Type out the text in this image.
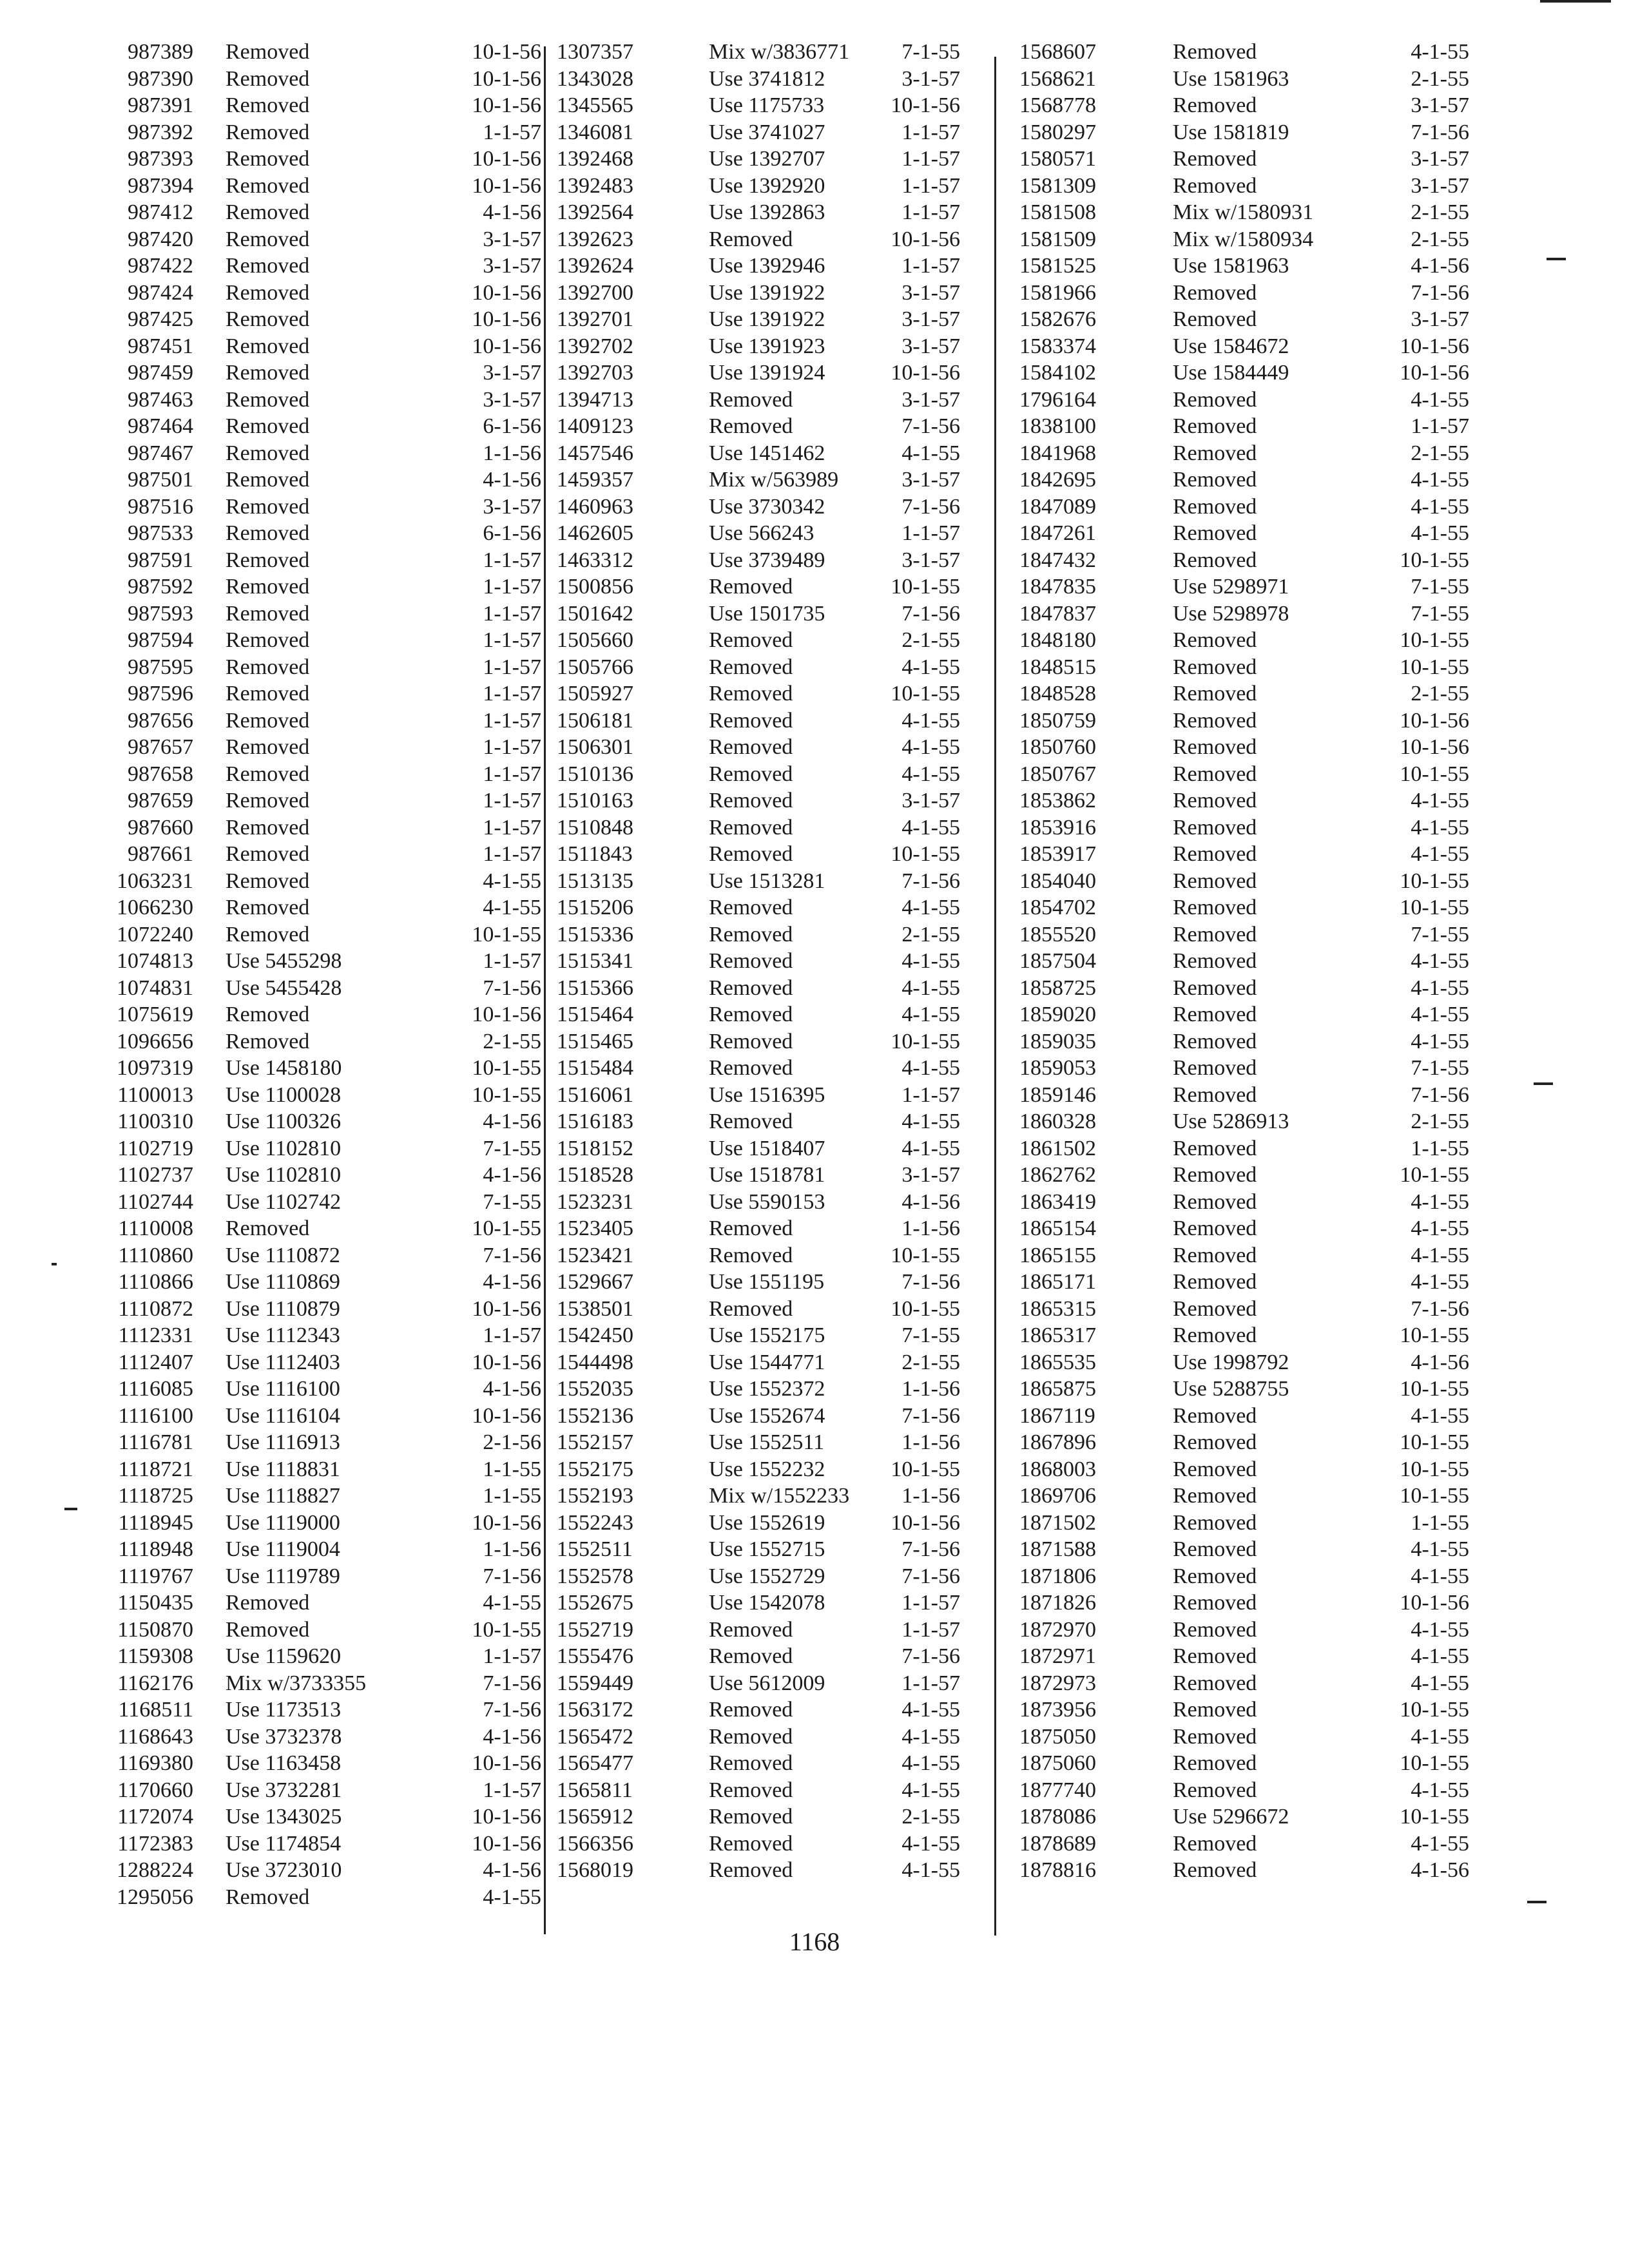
987389 Removed	10-1-56
987390 Removed	10-1-56
987391 Removed	10-1-56
987392 Removed	1-1-57
987393 Removed	10-1-56
987394 Removed	10-1-56
987412 Removed	4-1-56
987420 Removed	3-1-57
987422 Removed	3-1-57
987424 Removed	10-1-56
987425 Removed	10-1-56
987451 Removed	10-1-56
987459 Removed	3-1-57
987463 Removed	3-1-57
987464 Removed	6-1-56
987467 Removed	1-1-56
987501 Removed	4-1-56
987516 Removed	3-1-57
987533 Removed	6-1-56
987591 Removed	1-1-57
987592 Removed	1-1-57
987593 Removed	1-1-57
987594 Removed	1-1-57
987595 Removed	1-1-57
987596 Removed	1-1-57
987656 Removed	1-1-57
987657 Removed	1-1-57
987658 Removed	1-1-57
987659 Removed	1-1-57
987660 Removed	1-1-57
987661 Removed	1-1-57
1063231 Removed	4-1-55
1066230 Removed	4-1-55
1072240 Removed	10-1-55
1074813 Use 5455298	1-1-57
1074831 Use 5455428	7-1-56
1075619 Removed	10-1-56
1096656 Removed	2-1-55
1097319 Use 1458180	10-1-55
1100013 Use 1100028	10-1-55
1100310 Use 1100326	4-1-56
1102719 Use 1102810	7-1-55
1102737 Use 1102810	4-1-56
1102744 Use 1102742	7-1-55
1110008 Removed	10-1-55
1110860 Use 1110872	7-1-56
1110866 Use 1110869	4-1-56
1110872 Use 1110879	10-1-56
1112331 Use 1112343	1-1-57
1112407 Use 1112403	10-1-56
1116085 Use 1116100	4-1-56
1116100 Use 1116104	10-1-56
1116781 Use 1116913	2-1-56
1118721 Use 1118831	1-1-55
1118725 Use 1118827	1-1-55
1118945 Use 1119000	10-1-56
1118948 Use 1119004	1-1-56
1119767 Use 1119789	7-1-56
1150435 Removed	4-1-55
1150870 Removed	10-1-55
1159308 Use 1159620	1-1-57
1162176 Mix w/3733355	7-1-56
1168511 Use 1173513	7-1-56
1168643 Use 3732378	4-1-56
1169380 Use 1163458	10-1-56
1170660 Use 3732281	1-1-57
1172074 Use 1343025	10-1-56
1172383 Use 1174854	10-1-56
1288224 Use 3723010	4-1-56
1295056 Removed	4-1-55
1307357	Mix w/3836771	7-1-55
1343028	Use 3741812	3-1-57
1345565	Use 1175733	10-1-56
1346081	Use 3741027	1-1-57
1392468	Use 1392707	1-1-57
1392483	Use 1392920	1-1-57
1392564	Use 1392863	1-1-57
1392623	Removed	10-1-56
1392624	Use 1392946	1-1-57
1392700	Use 1391922	3-1-57
1392701	Use 1391922	3-1-57
1392702	Use 1391923	3-1-57
1392703	Use 1391924	10-1-56
1394713	Removed	3-1-57
1409123	Removed	7-1-56
1457546	Use 1451462	4-1-55
1459357	Mix w/563989	3-1-57
1460963	Use 3730342	7-1-56
1462605	Use 566243	1-1-57
1463312	Use 3739489	3-1-57
1500856	Removed	10-1-55
1501642	Use 1501735	7-1-56
1505660	Removed	2-1-55
1505766	Removed	4-1-55
1505927	Removed	10-1-55
1506181	Removed	4-1-55
1506301	Removed	4-1-55
1510136	Removed	4-1-55
1510163	Removed	3-1-57
1510848	Removed	4-1-55
1511843	Removed	10-1-55
1513135	Use 1513281	7-1-56
1515206	Removed	4-1-55
1515336	Removed	2-1-55
1515341	Removed	4-1-55
1515366	Removed	4-1-55
1515464	Removed	4-1-55
1515465	Removed	10-1-55
1515484	Removed	4-1-55
1516061	Use 1516395	1-1-57
1516183	Removed	4-1-55
1518152	Use 1518407	4-1-55
1518528	Use 1518781	3-1-57
1523231	Use 5590153	4-1-56
1523405	Removed	1-1-56
1523421	Removed	10-1-55
1529667	Use 1551195	7-1-56
1538501	Removed	10-1-55
1542450	Use 1552175	7-1-55
1544498	Use 1544771	2-1-55
1552035	Use 1552372	1-1-56
1552136	Use 1552674	7-1-56
1552157	Use 1552511	1-1-56
1552175	Use 1552232	10-1-55
1552193	Mix w/1552233	1-1-56
1552243	Use 1552619	10-1-56
1552511	Use 1552715	7-1-56
1552578	Use 1552729	7-1-56
1552675	Use 1542078	1-1-57
1552719	Removed	1-1-57
1555476	Removed	7-1-56
1559449	Use 5612009	1-1-57
1563172	Removed	4-1-55
1565472	Removed	4-1-55
1565477	Removed	4-1-55
1565811	Removed	4-1-55
1565912	Removed	2-1-55
1566356	Removed	4-1-55
1568019	Removed	4-1-55
1568607	Removed	4-1-55
1568621	Use 1581963	2-1-55
1568778	Removed	3-1-57
1580297	Use 1581819	7-1-56
1580571	Removed	3-1-57
1581309	Removed	3-1-57
1581508	Mix w/1580931	2-1-55
1581509	Mix w/1580934	2-1-55
1581525	Use 1581963	4-1-56
1581966	Removed	7-1-56
1582676	Removed	3-1-57
1583374	Use 1584672	10-1-56
1584102	Use 1584449	10-1-56
1796164	Removed	4-1-55
1838100	Removed	1-1-57
1841968	Removed	2-1-55
1842695	Removed	4-1-55
1847089	Removed	4-1-55
1847261	Removed	4-1-55
1847432	Removed	10-1-55
1847835	Use 5298971	7-1-55
1847837	Use 5298978	7-1-55
1848180	Removed	10-1-55
1848515	Removed	10-1-55
1848528	Removed	2-1-55
1850759	Removed	10-1-56
1850760	Removed	10-1-56
1850767	Removed	10-1-55
1853862	Removed	4-1-55
1853916	Removed	4-1-55
1853917	Removed	4-1-55
1854040	Removed	10-1-55
1854702	Removed	10-1-55
1855520	Removed	7-1-55
1857504	Removed	4-1-55
1858725	Removed	4-1-55
1859020	Removed	4-1-55
1859035	Removed	4-1-55
1859053	Removed	7-1-55
1859146	Removed	7-1-56
1860328	Use 5286913	2-1-55
1861502	Removed	1-1-55
1862762	Removed	10-1-55
1863419	Removed	4-1-55
1865154	Removed	4-1-55
1865155	Removed	4-1-55
1865171	Removed	4-1-55
1865315	Removed	7-1-56
1865317	Removed	10-1-55
1865535	Use 1998792	4-1-56
1865875	Use 5288755	10-1-55
1867119	Removed	4-1-55
1867896	Removed	10-1-55
1868003	Removed	10-1-55
1869706	Removed	10-1-55
1871502	Removed	1-1-55
1871588	Removed	4-1-55
1871806	Removed	4-1-55
1871826	Removed	10-1-56
1872970	Removed	4-1-55
1872971	Removed	4-1-55
1872973	Removed	4-1-55
1873956	Removed	10-1-55
1875050	Removed	4-1-55
1875060	Removed	10-1-55
1877740	Removed	4-1-55
1878086	Use 5296672	10-1-55
1878689	Removed	4-1-55
1878816	Removed	4-1-56
1168
